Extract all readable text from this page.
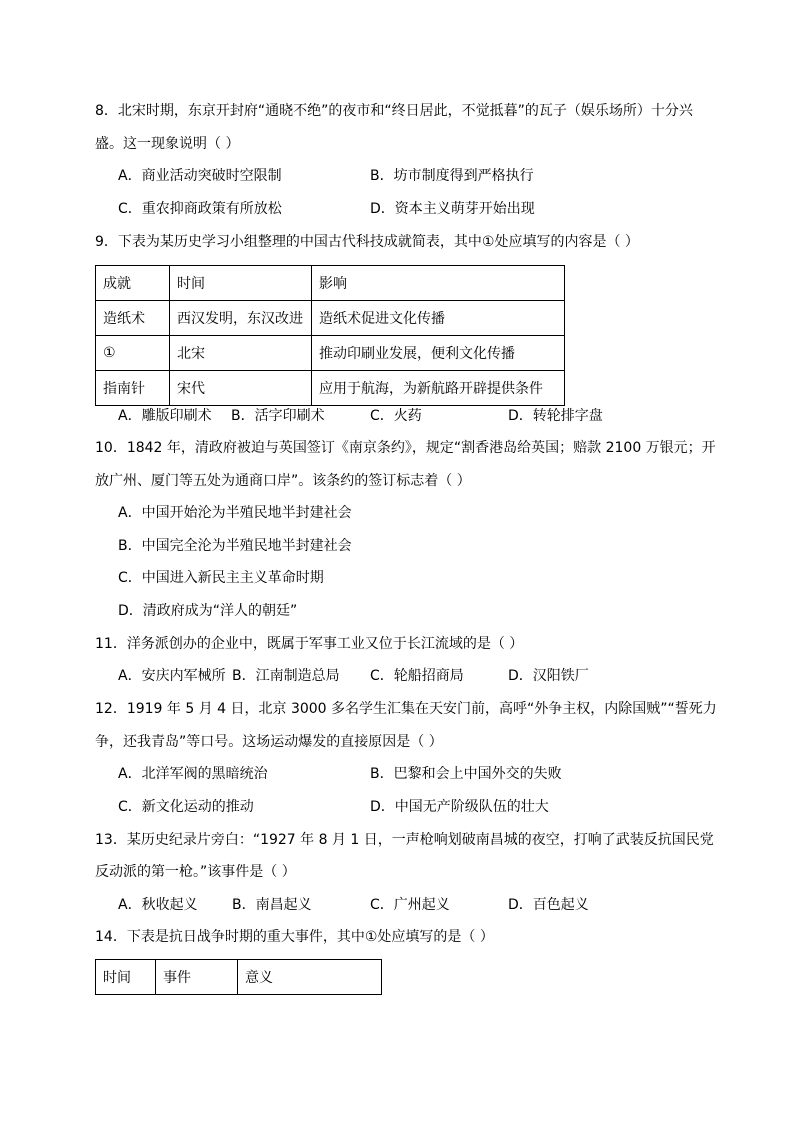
8．北宋时期，东京开封府“通晓不绝”的夜市和“终日居此，不觉抵暮”的瓦子（娱乐场所）十分兴
盛。这一现象说明（ ）
A．商业活动突破时空限制	B．坊市制度得到严格执行
C．重农抑商政策有所放松	D．资本主义萌芽开始出现
9．下表为某历史学习小组整理的中国古代科技成就简表，其中①处应填写的内容是（ ）
成就	时间	影响
造纸术	西汉发明，东汉改进	造纸术促进文化传播
①	北宋	推动印刷业发展，便利文化传播
指南针	宋代	应用于航海，为新航路开辟提供条件
A．雕版印刷术 B．活字印刷术	C．火药	D．转轮排字盘
10．1842 年，清政府被迫与英国签订《南京条约》，规定“割香港岛给英国；赔款 2100 万银元；开
放广州、厦门等五处为通商口岸”。该条约的签订标志着（ ）
A．中国开始沦为半殖民地半封建社会
B．中国完全沦为半殖民地半封建社会
C．中国进入新民主主义革命时期
D．清政府成为“洋人的朝廷”
11．洋务派创办的企业中，既属于军事工业又位于长江流域的是（ ）
A．安庆内军械所 B．江南制造总局 C．轮船招商局	D．汉阳铁厂
12．1919 年 5 月 4 日，北京 3000 多名学生汇集在天安门前，高呼“外争主权，内除国贼”“誓死力
争，还我青岛”等口号。这场运动爆发的直接原因是（ ）
A．北洋军阀的黑暗统治	B．巴黎和会上中国外交的失败
C．新文化运动的推动	D．中国无产阶级队伍的壮大
13．某历史纪录片旁白：“1927 年 8 月 1 日，一声枪响划破南昌城的夜空，打响了武装反抗国民党
反动派的第一枪。”该事件是（ ）
A．秋收起义 B．南昌起义	C．广州起义	D．百色起义
14．下表是抗日战争时期的重大事件，其中①处应填写的是（ ）
时间	事件	意义
